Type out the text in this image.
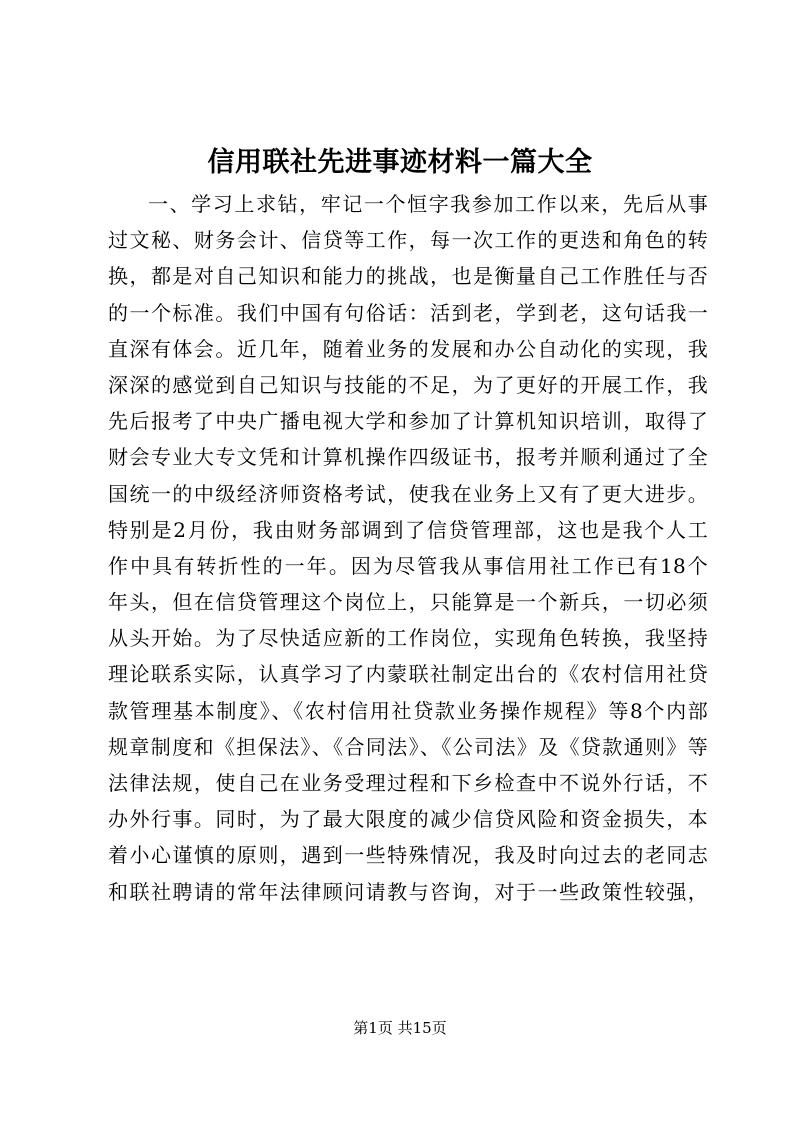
信用联社先进事迹材料一篇大全
一、学习上求钻，牢记一个恒字我参加工作以来，先后从事
过文秘、财务会计、信贷等工作，每一次工作的更迭和角色的转
换，都是对自己知识和能力的挑战，也是衡量自己工作胜任与否
的一个标准。我们中国有句俗话：活到老，学到老，这句话我一
直深有体会。近几年，随着业务的发展和办公自动化的实现，我
深深的感觉到自己知识与技能的不足，为了更好的开展工作，我
先后报考了中央广播电视大学和参加了计算机知识培训，取得了
财会专业大专文凭和计算机操作四级证书，报考并顺利通过了全
国统一的中级经济师资格考试，使我在业务上又有了更大进步。
特别是2月份，我由财务部调到了信贷管理部，这也是我个人工
作中具有转折性的一年。因为尽管我从事信用社工作已有18个
年头，但在信贷管理这个岗位上，只能算是一个新兵，一切必须
从头开始。为了尽快适应新的工作岗位，实现角色转换，我坚持
理论联系实际，认真学习了内蒙联社制定出台的《农村信用社贷
款管理基本制度》、《农村信用社贷款业务操作规程》等8个内部
规章制度和《担保法》、《合同法》、《公司法》及《贷款通则》等
法律法规，使自己在业务受理过程和下乡检查中不说外行话，不
办外行事。同时，为了最大限度的减少信贷风险和资金损失，本
着小心谨慎的原则，遇到一些特殊情况，我及时向过去的老同志
和联社聘请的常年法律顾问请教与咨询，对于一些政策性较强，
第1页 共15页
